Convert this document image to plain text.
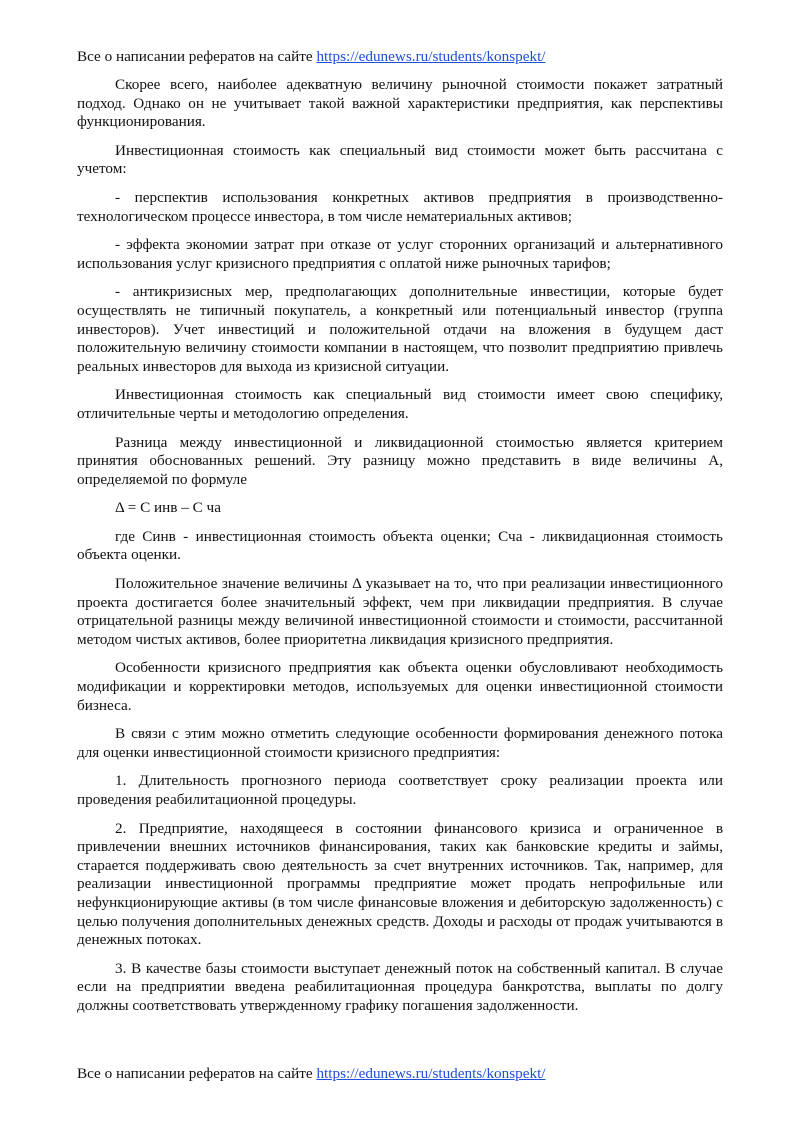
Все о написании рефератов на сайте https://edunews.ru/students/konspekt/

Скорее всего, наиболее адекватную величину рыночной стоимости покажет затратный подход. Однако он не учитывает такой важной характеристики предприятия, как перспективы функционирования.

Инвестиционная стоимость как специальный вид стоимости может быть рассчитана с учетом:

- перспектив использования конкретных активов предприятия в производственно-технологическом процессе инвестора, в том числе нематериальных активов;

- эффекта экономии затрат при отказе от услуг сторонних организаций и альтернативного использования услуг кризисного предприятия с оплатой ниже рыночных тарифов;

- антикризисных мер, предполагающих дополнительные инвестиции, которые будет осуществлять не типичный покупатель, а конкретный или потенциальный инвестор (группа инвесторов). Учет инвестиций и положительной отдачи на вложения в будущем даст положительную величину стоимости компании в настоящем, что позволит предприятию привлечь реальных инвесторов для выхода из кризисной ситуации.

Инвестиционная стоимость как специальный вид стоимости имеет свою специфику, отличительные черты и методологию определения.

Разница между инвестиционной и ликвидационной стоимостью является критерием принятия обоснованных решений. Эту разницу можно представить в виде величины А, определяемой по формуле

Δ = С инв – С ча

где Синв - инвестиционная стоимость объекта оценки; Сча - ликвидационная стоимость объекта оценки.

Положительное значение величины Δ указывает на то, что при реализации инвестиционного проекта достигается более значительный эффект, чем при ликвидации предприятия. В случае отрицательной разницы между величиной инвестиционной стоимости и стоимости, рассчитанной методом чистых активов, более приоритетна ликвидация кризисного предприятия.

Особенности кризисного предприятия как объекта оценки обусловливают необходимость модификации и корректировки методов, используемых для оценки инвестиционной стоимости бизнеса.

В связи с этим можно отметить следующие особенности формирования денежного потока для оценки инвестиционной стоимости кризисного предприятия:

1. Длительность прогнозного периода соответствует сроку реализации проекта или проведения реабилитационной процедуры.

2. Предприятие, находящееся в состоянии финансового кризиса и ограниченное в привлечении внешних источников финансирования, таких как банковские кредиты и займы, старается поддерживать свою деятельность за счет внутренних источников. Так, например, для реализации инвестиционной программы предприятие может продать непрофильные или нефункционирующие активы (в том числе финансовые вложения и дебиторскую задолженность) с целью получения дополнительных денежных средств. Доходы и расходы от продаж учитываются в денежных потоках.

3. В качестве базы стоимости выступает денежный поток на собственный капитал. В случае если на предприятии введена реабилитационная процедура банкротства, выплаты по долгу должны соответствовать утвержденному графику погашения задолженности.

Все о написании рефератов на сайте https://edunews.ru/students/konspekt/
